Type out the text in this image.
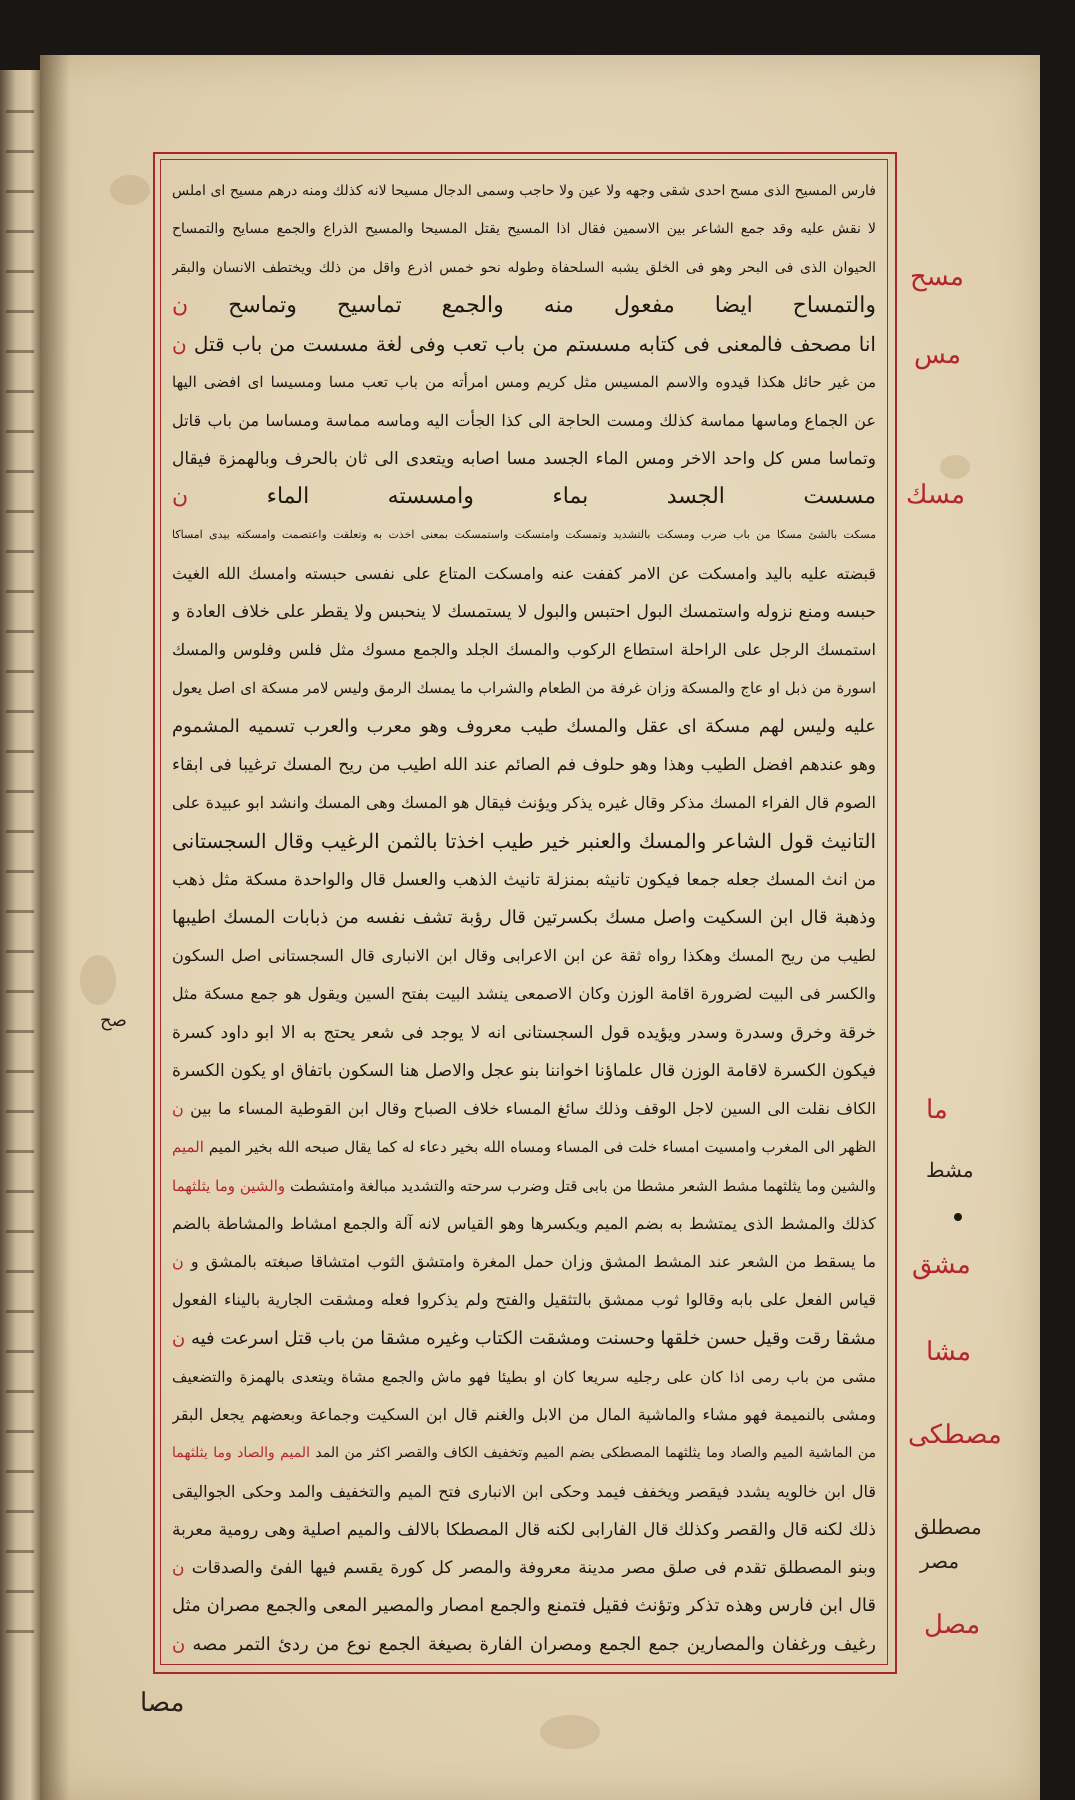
فارس المسيح الذى مسح احدى شقى وجهه ولا عين ولا حاجب وسمى الدجال مسيحا لانه كذلك ومنه درهم مسيح اى املس
لا نقش عليه وقد جمع الشاعر بين الاسمين فقال اذا المسيح يقتل المسيحا والمسيح الذراع والجمع مسايح والتمساح
الحيوان الذى فى البحر وهو فى الخلق يشبه السلحفاة وطوله نحو خمس اذرع واقل من ذلك ويختطف الانسان والبقر
والتمساح ايضا مفعول منه والجمع تماسيح وتماسح ن
انا مصحف فالمعنى فى كتابه مسستم من باب تعب وفى لغة مسست من باب قتل ن
من غير حائل هكذا قيدوه والاسم المسيس مثل كريم ومس امرأته من باب تعب مسا ومسيسا اى افضى اليها
عن الجماع وماسها مماسة كذلك ومست الحاجة الى كذا الجأت اليه وماسه مماسة ومساسا من باب قاتل
وتماسا مس كل واحد الاخر ومس الماء الجسد مسا اصابه ويتعدى الى ثان بالحرف وبالهمزة فيقال
مسست الجسد بماء وامسسته الماء ن
مسكت بالشئ مسكا من باب ضرب ومسكت بالتشديد وتمسكت وامتسكت واستمسكت بمعنى اخذت به وتعلقت واعتصمت وامسكته بيدى امساكا
قبضته عليه باليد وامسكت عن الامر كففت عنه وامسكت المتاع على نفسى حبسته وامسك الله الغيث
حبسه ومنع نزوله واستمسك البول احتبس والبول لا يستمسك لا ينحبس ولا يقطر على خلاف العادة و
استمسك الرجل على الراحلة استطاع الركوب والمسك الجلد والجمع مسوك مثل فلس وفلوس والمسك
اسورة من ذبل او عاج والمسكة وزان غرفة من الطعام والشراب ما يمسك الرمق وليس لامر مسكة اى اصل يعول
عليه وليس لهم مسكة اى عقل والمسك طيب معروف وهو معرب والعرب تسميه المشموم
وهو عندهم افضل الطيب وهذا وهو حلوف فم الصائم عند الله اطيب من ريح المسك ترغيبا فى ابقاء
الصوم قال الفراء المسك مذكر وقال غيره يذكر ويؤنث فيقال هو المسك وهى المسك وانشد ابو عبيدة على
التانيث قول الشاعر والمسك والعنبر خير طيب اخذتا بالثمن الرغيب وقال السجستانى
من انث المسك جعله جمعا فيكون تانيثه بمنزلة تانيث الذهب والعسل قال والواحدة مسكة مثل ذهب
وذهبة قال ابن السكيت واصل مسك بكسرتين قال رؤبة تشف نفسه من ذبابات المسك اطيبها
لطيب من ريح المسك وهكذا رواه ثقة عن ابن الاعرابى وقال ابن الانبارى قال السجستانى اصل السكون
والكسر فى البيت لضرورة اقامة الوزن وكان الاصمعى ينشد البيت بفتح السين ويقول هو جمع مسكة مثل
خرقة وخرق وسدرة وسدر ويؤيده قول السجستانى انه لا يوجد فى شعر يحتج به الا ابو داود كسرة
فيكون الكسرة لاقامة الوزن قال علماؤنا اخواننا بنو عجل والاصل هنا السكون باتفاق او يكون الكسرة
الكاف نقلت الى السين لاجل الوقف وذلك سائغ المساء خلاف الصباح وقال ابن القوطية المساء ما بين ن
الظهر الى المغرب وامسيت امساء خلت فى المساء ومساه الله بخير دعاء له كما يقال صبحه الله بخير الميم الميم
والشين وما يثلثهما مشط الشعر مشطا من بابى قتل وضرب سرحته والتشديد مبالغة وامتشطت والشين وما يثلثهما
كذلك والمشط الذى يمتشط به بضم الميم ويكسرها وهو القياس لانه آلة والجمع امشاط والمشاطة بالضم
ما يسقط من الشعر عند المشط المشق وزان حمل المغرة وامتشق الثوب امتشاقا صبغته بالمشق و ن
قياس الفعل على بابه وقالوا ثوب ممشق بالتثقيل والفتح ولم يذكروا فعله ومشقت الجارية باليناء الفعول
مشقا رقت وقيل حسن خلقها وحسنت ومشقت الكتاب وغيره مشقا من باب قتل اسرعت فيه ن
مشى من باب رمى اذا كان على رجليه سريعا كان او بطيئا فهو ماش والجمع مشاة ويتعدى بالهمزة والتضعيف
ومشى بالنميمة فهو مشاء والماشية المال من الابل والغنم قال ابن السكيت وجماعة وبعضهم يجعل البقر
من الماشية الميم والصاد وما يثلثهما المصطكى بضم الميم وتخفيف الكاف والقصر اكثر من المد الميم والصاد وما يثلثهما
قال ابن خالويه يشدد فيقصر ويخفف فيمد وحكى ابن الانبارى فتح الميم والتخفيف والمد وحكى الجواليقى
ذلك لكنه قال والقصر وكذلك قال الفارابى لكنه قال المصطكا بالالف والميم اصلية وهى رومية معربة
وبنو المصطلق تقدم فى صلق مصر مدينة معروفة والمصر كل كورة يقسم فيها الفئ والصدقات ن
قال ابن فارس وهذه تذكر وتؤنث فقيل فتمنع والجمع امصار والمصير المعى والجمع مصران مثل
رغيف ورغفان والمصارين جمع الجمع ومصران الفارة بصيغة الجمع نوع من ردئ التمر مصه ن
مسح
مس
مسك
ما
مشط
مشق
مشا
مصطكى
مصطلق
مصر
مصل
صح
مصا
